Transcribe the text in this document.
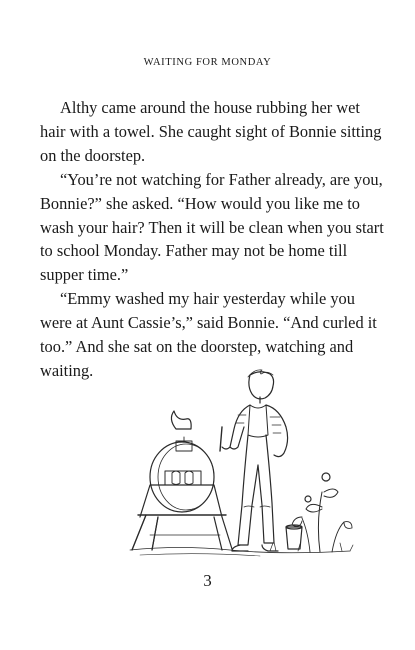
WAITING FOR MONDAY

Althy came around the house rubbing her wet hair with a towel. She caught sight of Bonnie sitting on the doorstep.

“You’re not watching for Father already, are you, Bonnie?” she asked. “How would you like me to wash your hair? Then it will be clean when you start to school Monday. Father may not be home till supper time.”

“Emmy washed my hair yesterday while you were at Aunt Cassie’s,” said Bonnie. “And curled it too.” And she sat on the doorstep, watching and waiting.

3
